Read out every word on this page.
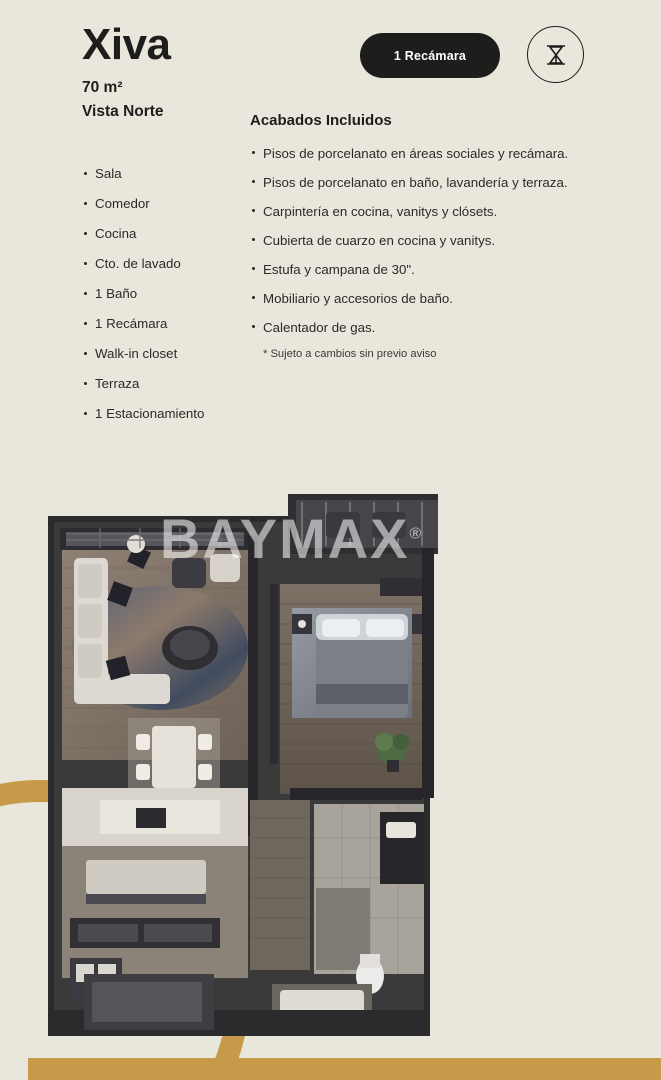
Xiva
70 m²
Vista Norte
1 Recámara
Sala
Comedor
Cocina
Cto. de lavado
1 Baño
1 Recámara
Walk-in closet
Terraza
1 Estacionamiento
Acabados Incluidos
Pisos de porcelanato en áreas sociales y recámara.
Pisos de porcelanato en baño, lavandería y terraza.
Carpintería en cocina, vanitys y clósets.
Cubierta de cuarzo en cocina y vanitys.
Estufa y campana de 30".
Mobiliario y accesorios de baño.
Calentador de gas.
* Sujeto a cambios sin previo aviso
BAYMAX®
